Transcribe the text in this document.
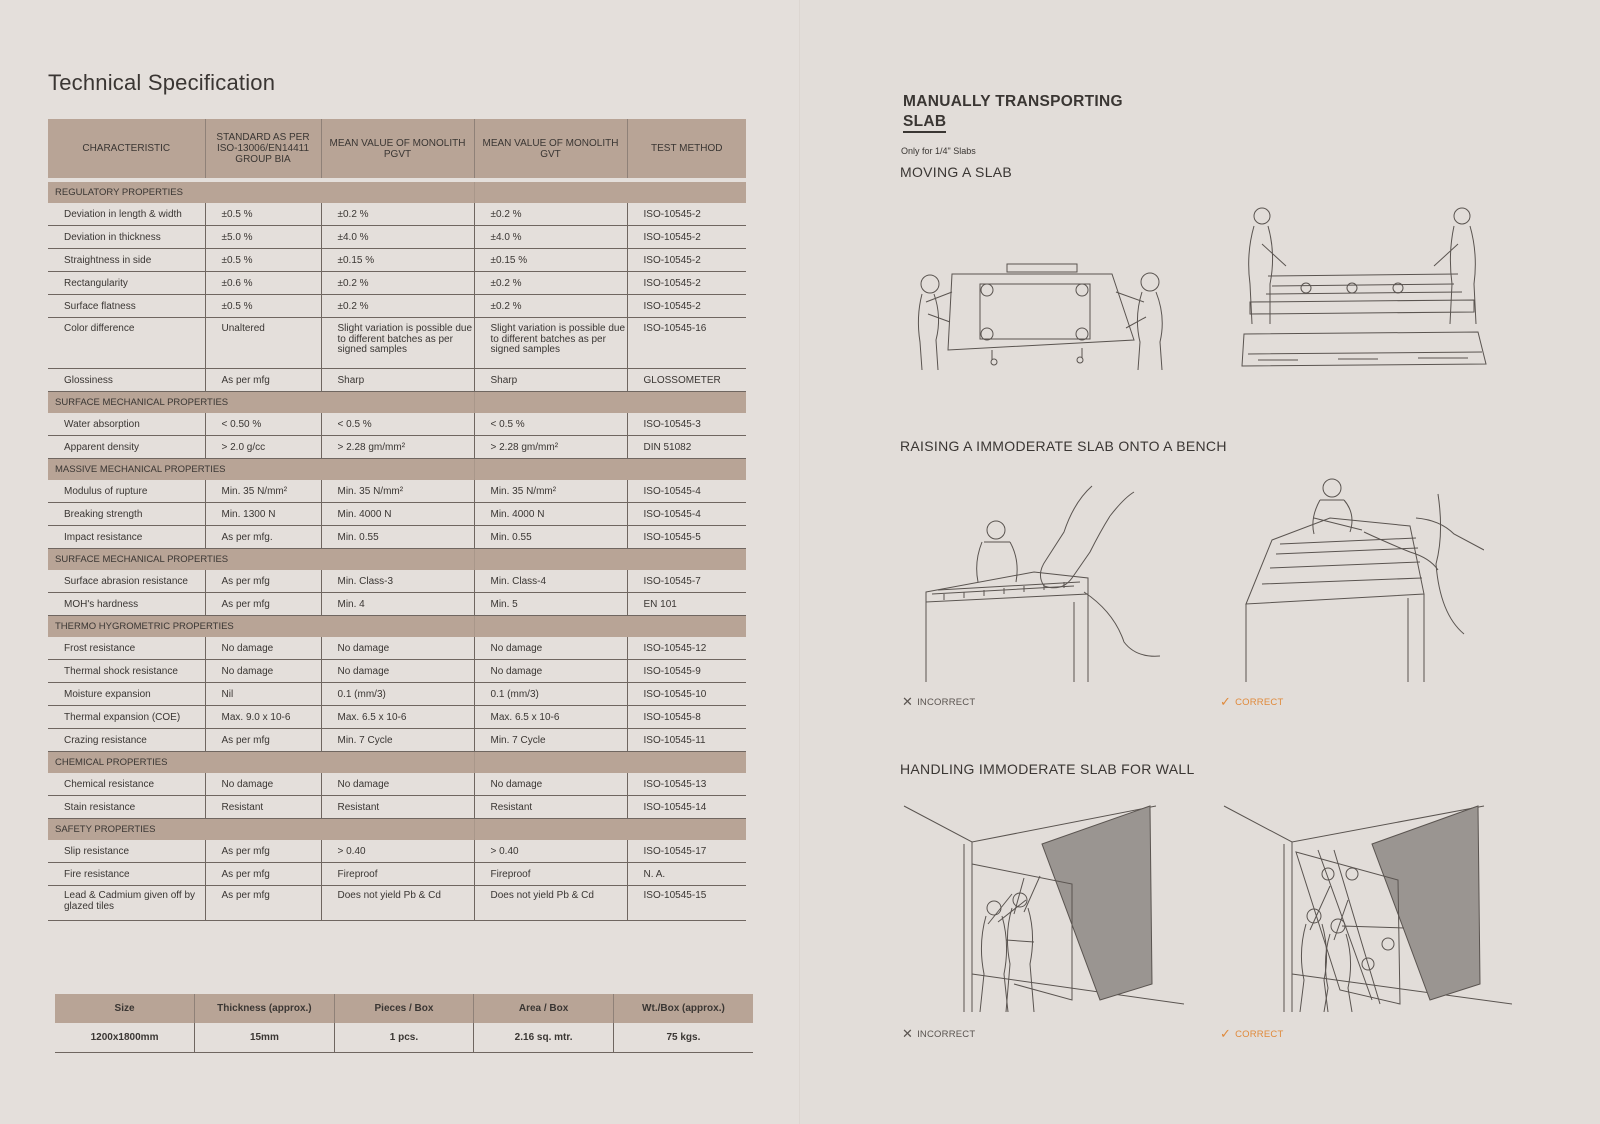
Technical Specification
CHARACTERISTIC	STANDARD AS PER ISO-13006/EN14411 GROUP BIA	MEAN VALUE OF MONOLITH PGVT	MEAN VALUE OF MONOLITH GVT	TEST METHOD
REGULATORY PROPERTIES				
Deviation in length & width	±0.5 %	±0.2 %	±0.2 %	ISO-10545-2
Deviation in thickness	±5.0 %	±4.0 %	±4.0 %	ISO-10545-2
Straightness in side	±0.5 %	±0.15 %	±0.15 %	ISO-10545-2
Rectangularity	±0.6 %	±0.2 %	±0.2 %	ISO-10545-2
Surface flatness	±0.5 %	±0.2 %	±0.2 %	ISO-10545-2
Color difference	Unaltered	Slight variation is possible due to different batches as per signed samples	Slight variation is possible due to different batches as per signed samples	ISO-10545-16
Glossiness	As per mfg	Sharp	Sharp	GLOSSOMETER
SURFACE MECHANICAL PROPERTIES				
Water absorption	< 0.50 %	< 0.5 %	< 0.5 %	ISO-10545-3
Apparent density	> 2.0 g/cc	> 2.28 gm/mm²	> 2.28 gm/mm²	DIN 51082
MASSIVE MECHANICAL PROPERTIES				
Modulus of rupture	Min. 35 N/mm²	Min. 35 N/mm²	Min. 35 N/mm²	ISO-10545-4
Breaking strength	Min. 1300 N	Min. 4000 N	Min. 4000 N	ISO-10545-4
Impact resistance	As per mfg.	Min. 0.55	Min. 0.55	ISO-10545-5
SURFACE MECHANICAL PROPERTIES				
Surface abrasion resistance	As per mfg	Min. Class-3	Min. Class-4	ISO-10545-7
MOH's hardness	As per mfg	Min. 4	Min. 5	EN 101
THERMO HYGROMETRIC PROPERTIES				
Frost resistance	No damage	No damage	No damage	ISO-10545-12
Thermal shock resistance	No damage	No damage	No damage	ISO-10545-9
Moisture expansion	Nil	0.1 (mm/3)	0.1 (mm/3)	ISO-10545-10
Thermal expansion (COE)	Max. 9.0 x 10-6	Max. 6.5 x 10-6	Max. 6.5 x 10-6	ISO-10545-8
Crazing resistance	As per mfg	Min. 7 Cycle	Min. 7 Cycle	ISO-10545-11
CHEMICAL PROPERTIES				
Chemical resistance	No damage	No damage	No damage	ISO-10545-13
Stain resistance	Resistant	Resistant	Resistant	ISO-10545-14
SAFETY PROPERTIES				
Slip resistance	As per mfg	> 0.40	> 0.40	ISO-10545-17
Fire resistance	As per mfg	Fireproof	Fireproof	N. A.
Lead & Cadmium given off by glazed tiles	As per mfg	Does not yield Pb & Cd	Does not yield Pb & Cd	ISO-10545-15
Size	Thickness (approx.)	Pieces / Box	Area / Box	Wt./Box (approx.)
1200x1800mm	15mm	1 pcs.	2.16 sq. mtr.	75 kgs.
MANUALLY TRANSPORTING
SLAB
Only for 1/4" Slabs
MOVING A SLAB
RAISING A IMMODERATE SLAB ONTO A BENCH
HANDLING IMMODERATE SLAB FOR WALL
✕ INCORRECT	✓ CORRECT
✕ INCORRECT	✓ CORRECT
